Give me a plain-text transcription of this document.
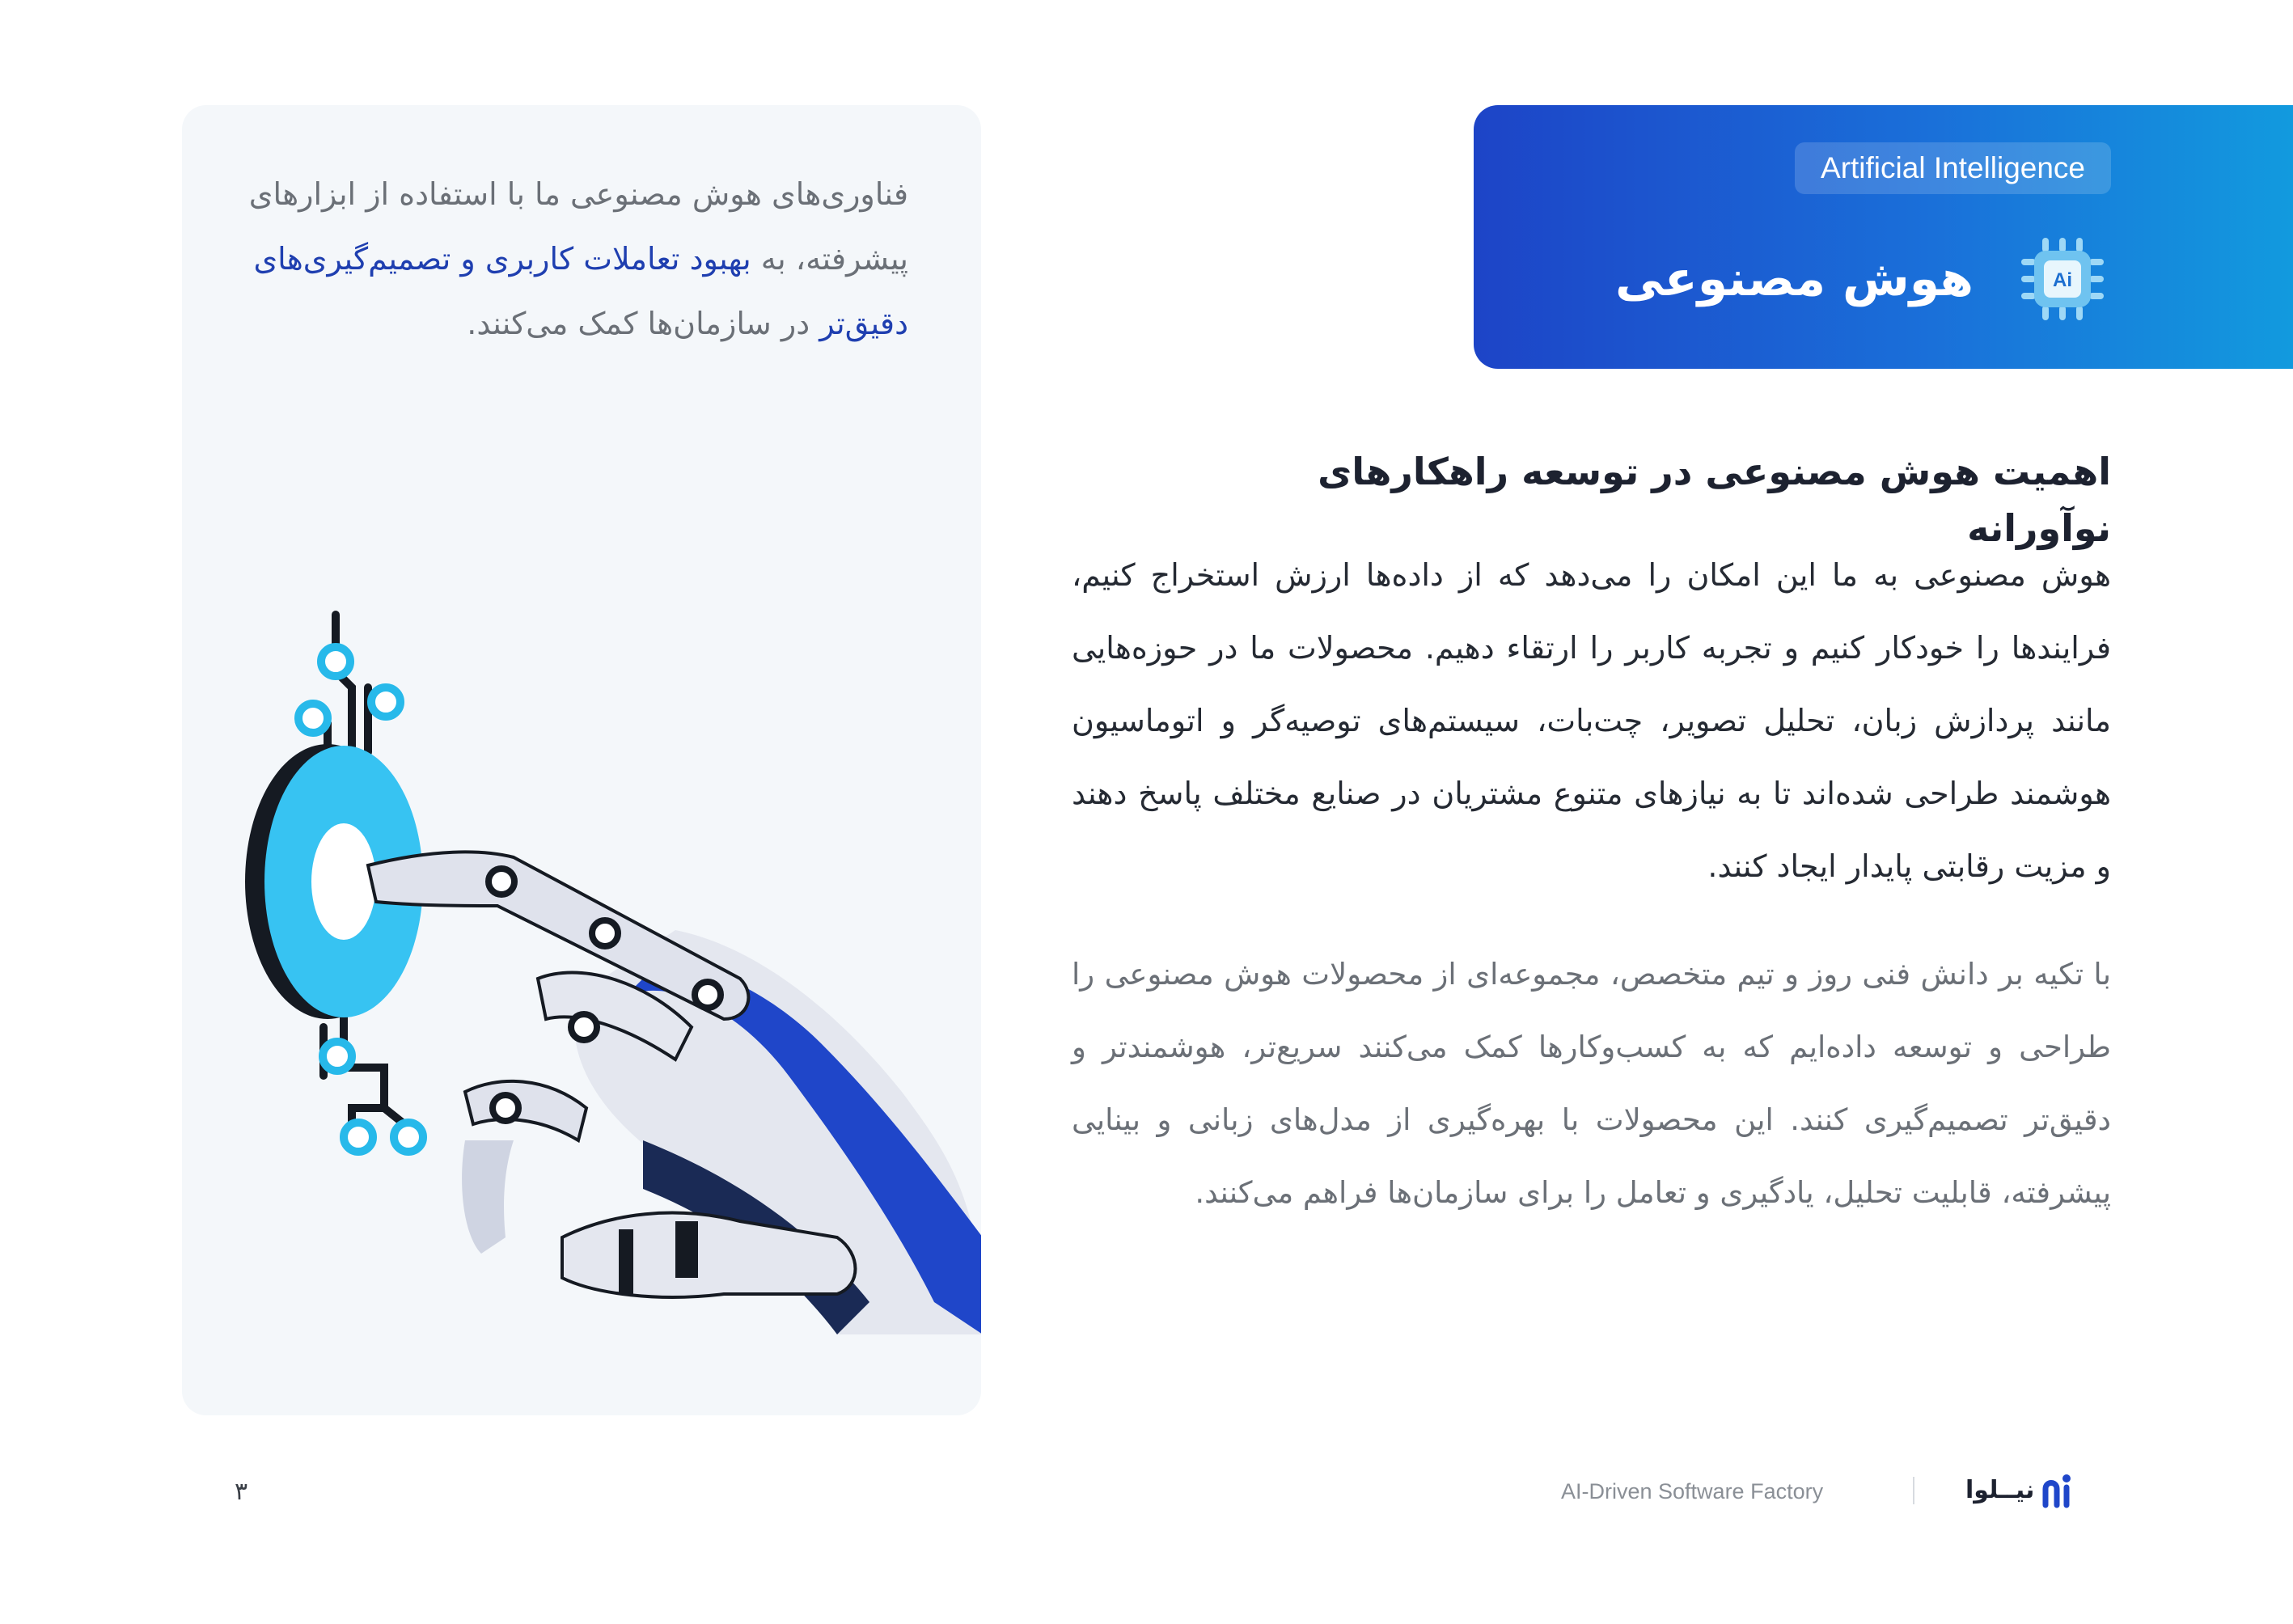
فناوری‌های هوش مصنوعی ما با استفاده از ابزارهای پیشرفته، به بهبود تعاملات کاربری و تصمیم‌گیری‌های دقیق‌تر در سازمان‌ها کمک می‌کنند.

Artificial Intelligence
هوش مصنوعی	Ai
اهمیت هوش مصنوعی در توسعه راهکارهای نوآورانه

هوش مصنوعی به ما این امکان را می‌دهد که از داده‌ها ارزش استخراج کنیم، فرایندها را خودکار کنیم و تجربه کاربر را ارتقاء دهیم. محصولات ما در حوزه‌هایی مانند پردازش زبان، تحلیل تصویر، چت‌بات، سیستم‌های توصیه‌گر و اتوماسیون هوشمند طراحی شده‌اند تا به نیازهای متنوع مشتریان در صنایع مختلف پاسخ دهند و مزیت رقابتی پایدار ایجاد کنند.

با تکیه بر دانش فنی روز و تیم متخصص، مجموعه‌ای از محصولات هوش مصنوعی را طراحی و توسعه داده‌ایم که به کسب‌وکارها کمک می‌کنند سریع‌تر، هوشمندتر و دقیق‌تر تصمیم‌گیری کنند. این محصولات با بهره‌گیری از مدل‌های زبانی و بینایی پیشرفته، قابلیت تحلیل، یادگیری و تعامل را برای سازمان‌ها فراهم می‌کنند.

AI-Driven Software Factory	نیــلوا
۳
